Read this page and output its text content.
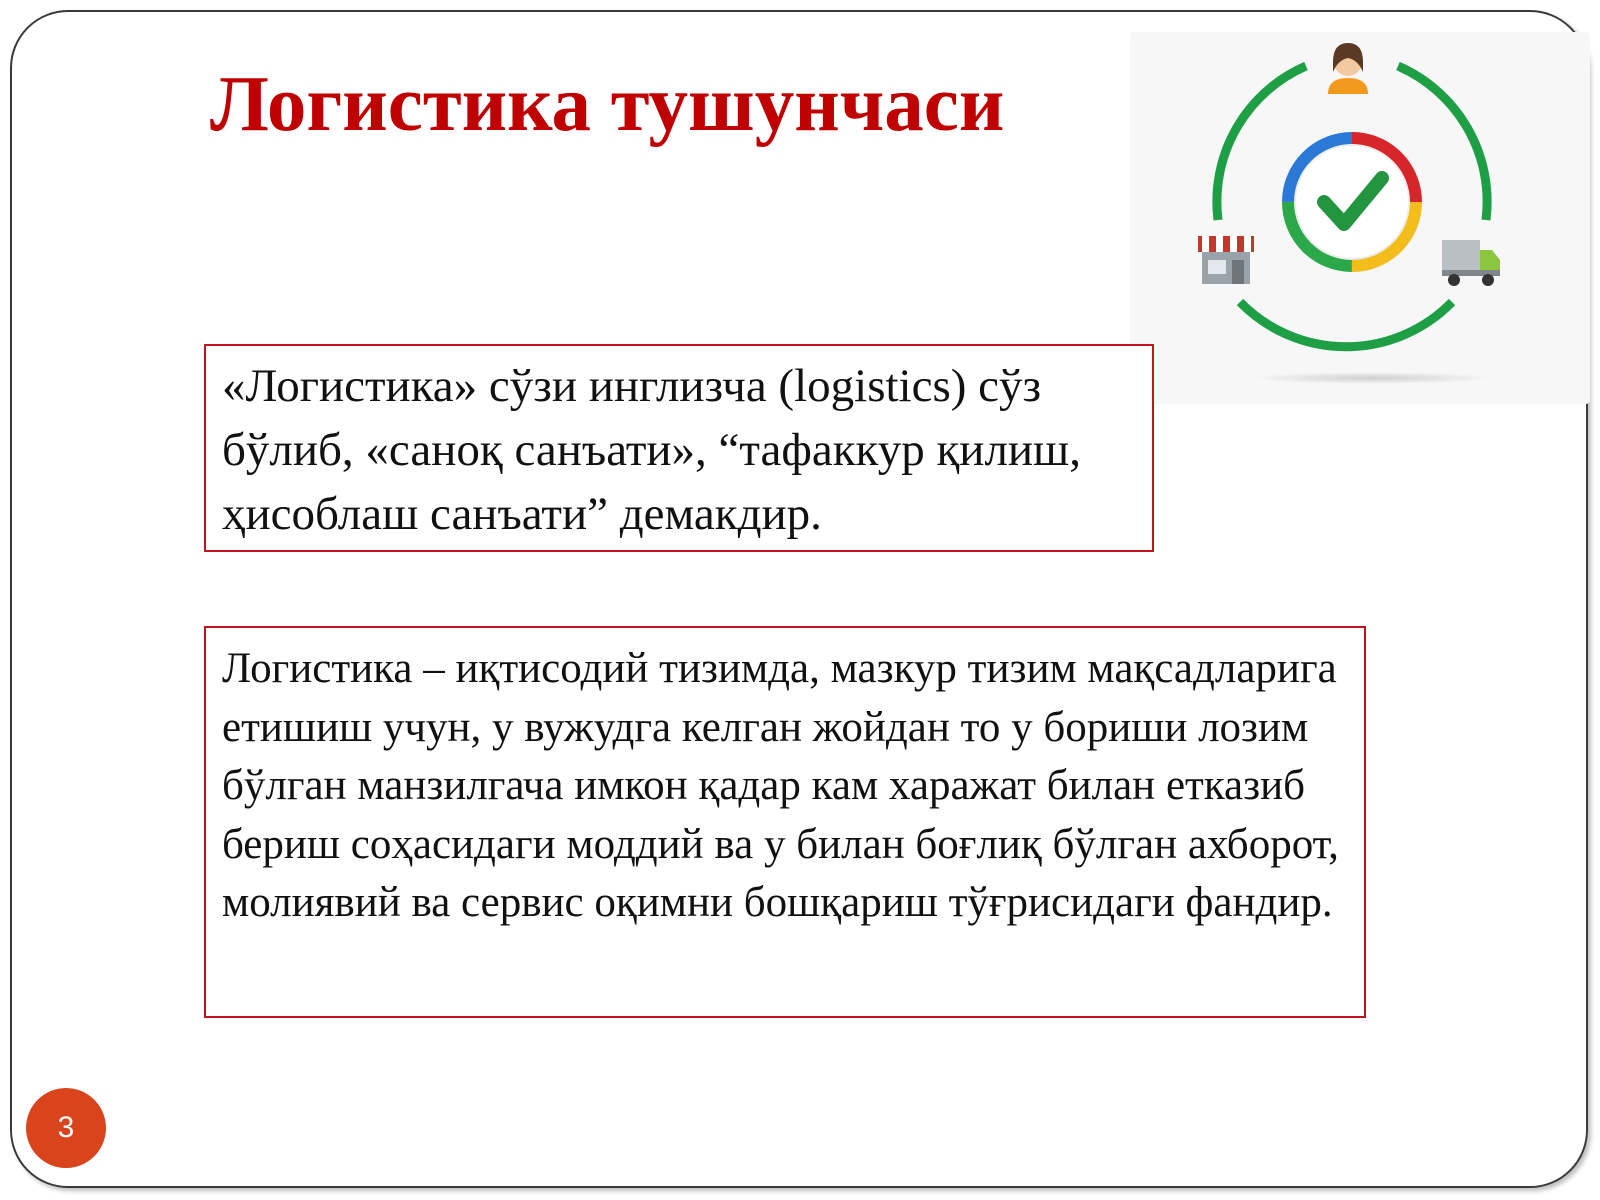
Логистика тушунчаси

«Логистика» сўзи инглизча (logistics) сўз бўлиб, «саноқ санъати», “тафаккур қилиш, ҳисоблаш санъати” демакдир.

Логистика – иқтисодий тизимда, мазкур тизим мақсадларига етишиш учун, у вужудга келган жойдан то у бориши лозим бўлган манзилгача имкон қадар кам харажат билан етказиб бериш соҳасидаги моддий ва у билан боғлиқ бўлган ахборот, молиявий ва сервис оқимни бошқариш тўғрисидаги фандир.

3
